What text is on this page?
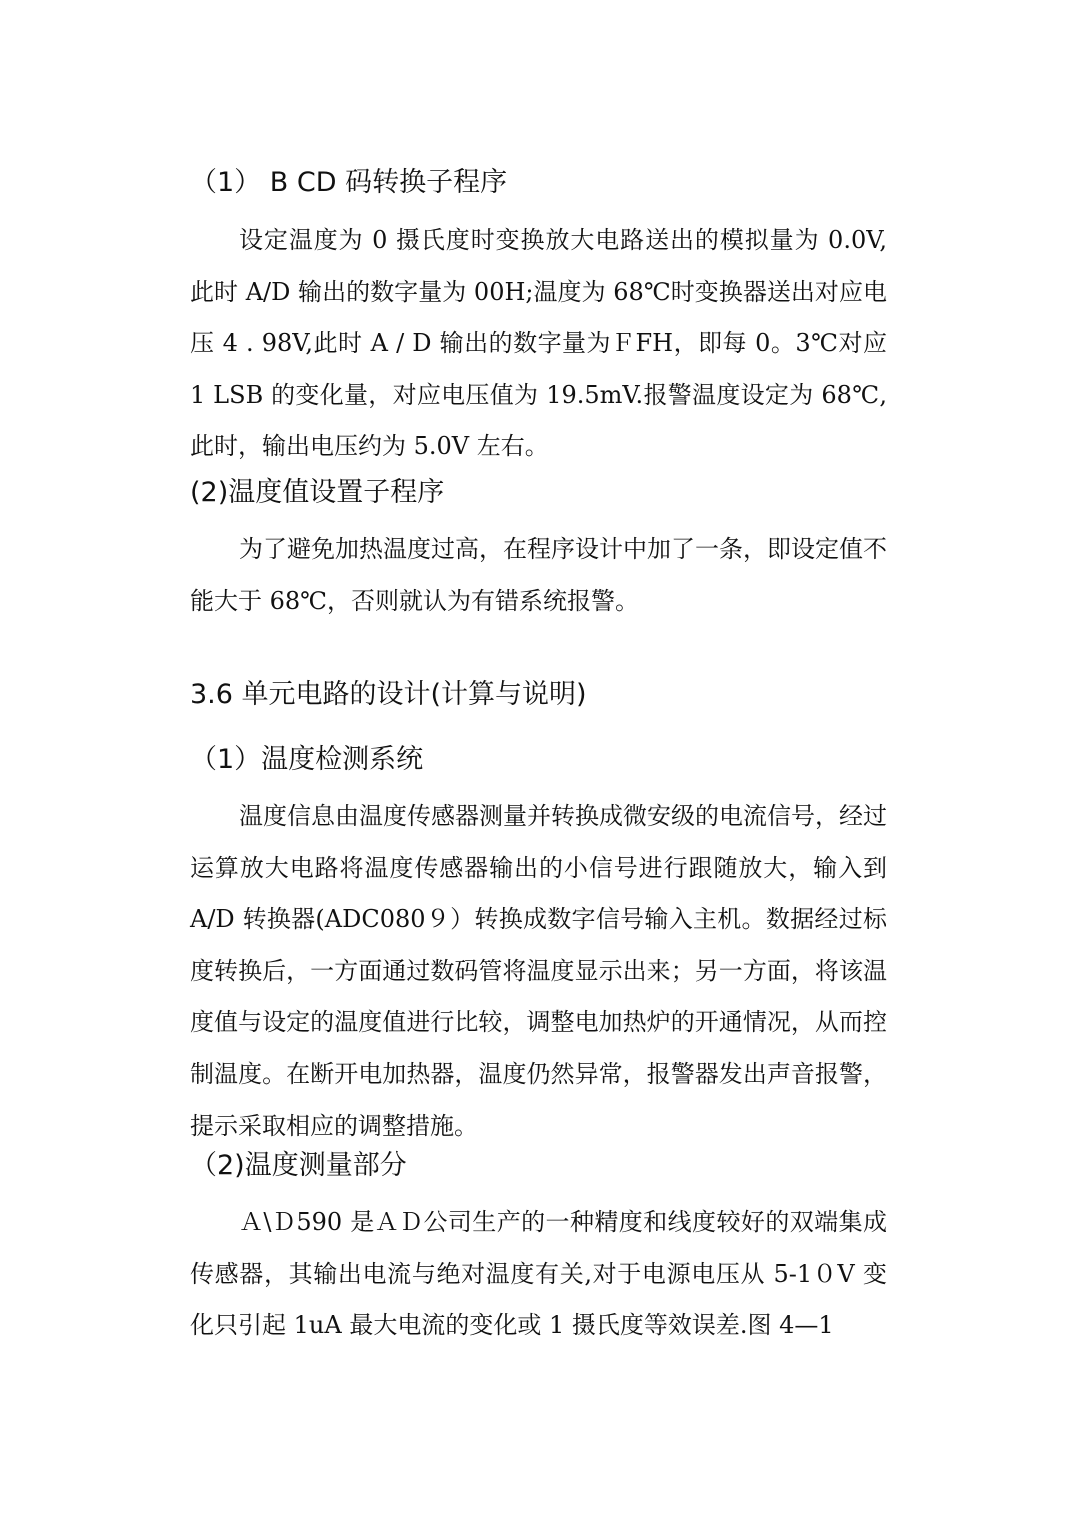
（1） B CD 码转换子程序

设定温度为 0 摄氏度时变换放大电路送出的模拟量为 0.0V,此时 A/D 输出的数字量为 00H;温度为 68℃时变换器送出对应电压 4 . 98V,此时 A / D 输出的数字量为ＦFH，即每 0。3℃对应 1 LSB 的变化量，对应电压值为 19.5mV.报警温度设定为 68℃,此时，输出电压约为 5.0V 左右。

(2)温度值设置子程序

为了避免加热温度过高，在程序设计中加了一条，即设定值不能大于 68℃，否则就认为有错系统报警。

3.6 单元电路的设计(计算与说明)
（1）温度检测系统

温度信息由温度传感器测量并转换成微安级的电流信号，经过运算放大电路将温度传感器输出的小信号进行跟随放大，输入到 A/D 转换器(ADC080９）转换成数字信号输入主机。数据经过标度转换后，一方面通过数码管将温度显示出来；另一方面，将该温度值与设定的温度值进行比较，调整电加热炉的开通情况，从而控制温度。在断开电加热器，温度仍然异常，报警器发出声音报警，提示采取相应的调整措施。

（2)温度测量部分

Ａ\Ｄ590 是ＡＤ公司生产的一种精度和线度较好的双端集成传感器，其输出电流与绝对温度有关,对于电源电压从 5-1０V 变化只引起 1uA 最大电流的变化或 1 摄氏度等效误差.图 4—1
